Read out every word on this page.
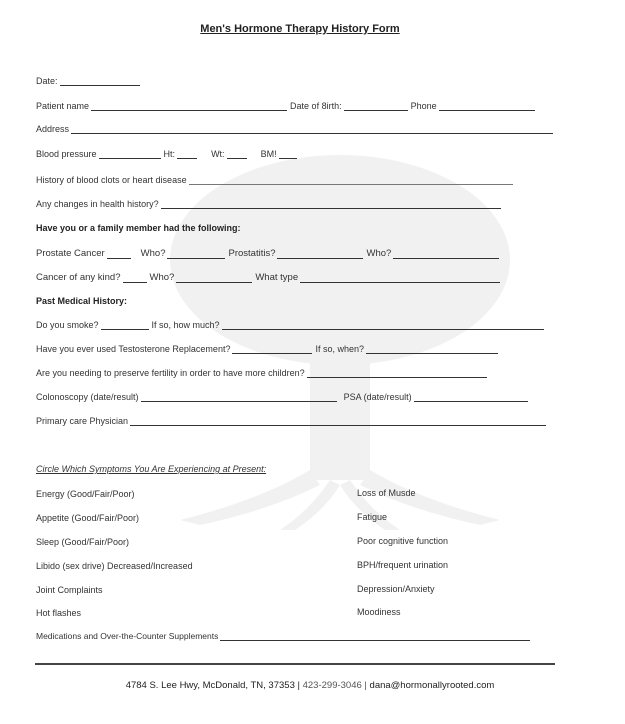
Men's Hormone Therapy History Form
Date:
Patient name	Date of 8irth:	Phone
Address
Blood pressure	Ht:	Wt:	BM!
History of blood clots or heart disease
Any changes in health history?
Have you or a family member had the following:
Prostate Cancer	Who?	Prostatitis?	Who?
Cancer of any kind?	Who?	What type
Past Medical History:
Do you smoke?	If so, how much?
Have you ever used Testosterone Replacement?	If so, when?
Are you needing to preserve fertility in order to have more children?
Colonoscopy (date/result)	PSA (date/result)
Primary care Physician
Circle Which Symptoms You Are Experiencing at Present:
Energy (Good/Fair/Poor)
Appetite (Good/Fair/Poor)
Sleep (Good/Fair/Poor)
Libido (sex drive) Decreased/Increased
Joint Complaints
Hot flashes
Loss of Musde
Fatigue
Poor cognitive function
BPH/frequent urination
Depression/Anxiety
Moodiness
Medications and Over-the-Counter Supplements
4784 S. Lee Hwy, McDonald, TN, 37353 | 423-299-3046 | dana@hormonallyrooted.com
